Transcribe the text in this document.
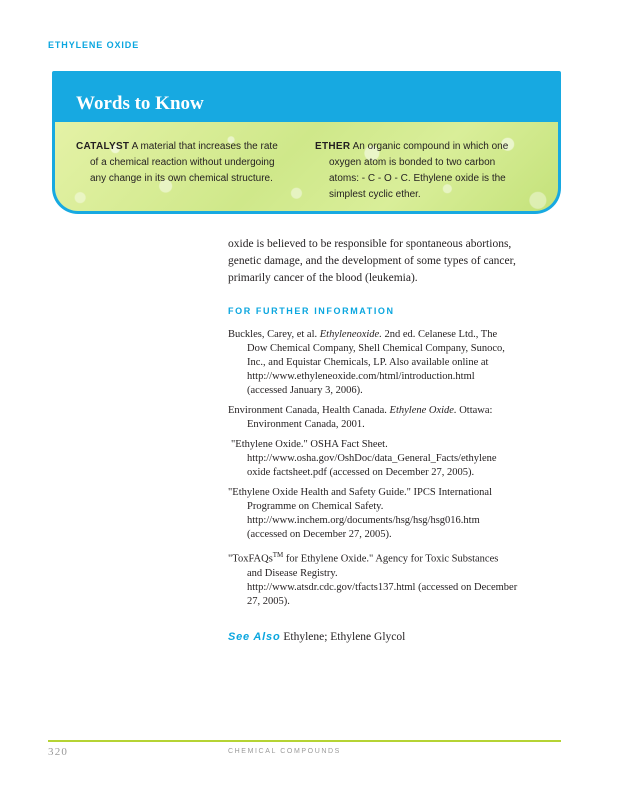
ETHYLENE OXIDE
Words to Know
CATALYST A material that increases the rate
of a chemical reaction without undergoing
any change in its own chemical structure.
ETHER An organic compound in which one
oxygen atom is bonded to two carbon
atoms: - C - O - C. Ethylene oxide is the
simplest cyclic ether.
oxide is believed to be responsible for spontaneous abortions,
genetic damage, and the development of some types of cancer,
primarily cancer of the blood (leukemia).
FOR FURTHER INFORMATION
Buckles, Carey, et al. Ethyleneoxide. 2nd ed. Celanese Ltd., The
Dow Chemical Company, Shell Chemical Company, Sunoco,
Inc., and Equistar Chemicals, LP. Also available online at
http://www.ethyleneoxide.com/html/introduction.html
(accessed January 3, 2006).
Environment Canada, Health Canada. Ethylene Oxide. Ottawa:
Environment Canada, 2001.
"Ethylene Oxide." OSHA Fact Sheet.
http://www.osha.gov/OshDoc/data_General_Facts/ethylene
oxide factsheet.pdf (accessed on December 27, 2005).
"Ethylene Oxide Health and Safety Guide." IPCS International
Programme on Chemical Safety.
http://www.inchem.org/documents/hsg/hsg/hsg016.htm
(accessed on December 27, 2005).
"ToxFAQs™ for Ethylene Oxide." Agency for Toxic Substances
and Disease Registry.
http://www.atsdr.cdc.gov/tfacts137.html (accessed on December
27, 2005).
See Also Ethylene; Ethylene Glycol
320	CHEMICAL COMPOUNDS
